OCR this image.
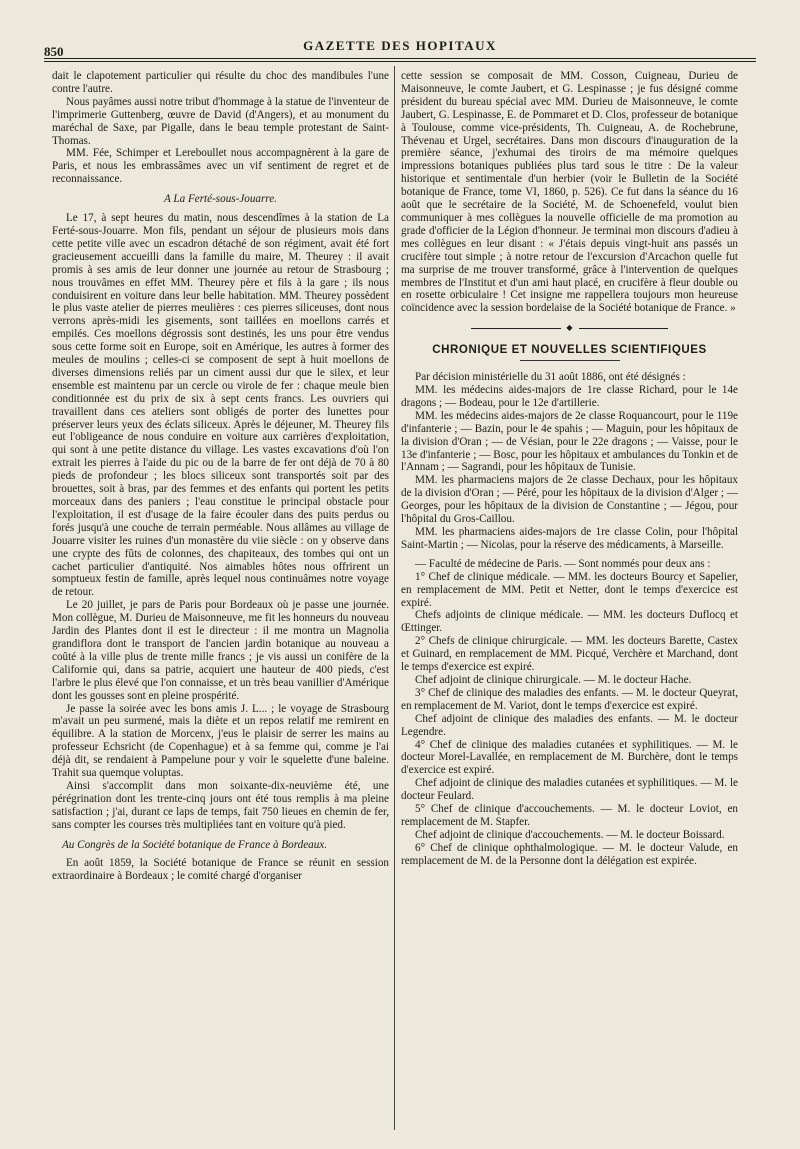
850	GAZETTE DES HOPITAUX

dait le clapotement particulier qui résulte du choc des mandibules l'une contre l'autre.

Nous payâmes aussi notre tribut d'hommage à la statue de l'inventeur de l'imprimerie Guttenberg, œuvre de David (d'Angers), et au monument du maréchal de Saxe, par Pigalle, dans le beau temple protestant de Saint-Thomas.

MM. Fée, Schimper et Lereboullet nous accompagnèrent à la gare de Paris, et nous les embrassâmes avec un vif sentiment de regret et de reconnaissance.

A La Ferté-sous-Jouarre.

Le 17, à sept heures du matin, nous descendîmes à la station de La Ferté-sous-Jouarre. Mon fils, pendant un séjour de plusieurs mois dans cette petite ville avec un escadron détaché de son régiment, avait été fort gracieusement accueilli dans la famille du maire, M. Theurey : il avait promis à ses amis de leur donner une journée au retour de Strasbourg ; nous trouvâmes en effet MM. Theurey père et fils à la gare ; ils nous conduisirent en voiture dans leur belle habitation. MM. Theurey possèdent le plus vaste atelier de pierres meulières : ces pierres siliceuses, dont nous verrons après-midi les gisements, sont taillées en moellons carrés et empilés. Ces moellons dégrossis sont destinés, les uns pour être vendus sous cette forme soit en Europe, soit en Amérique, les autres à former des meules de moulins ; celles-ci se composent de sept à huit moellons de diverses dimensions reliés par un ciment aussi dur que le silex, et leur ensemble est maintenu par un cercle ou virole de fer : chaque meule bien conditionnée est du prix de six à sept cents francs. Les ouvriers qui travaillent dans ces ateliers sont obligés de porter des lunettes pour préserver leurs yeux des éclats siliceux. Après le déjeuner, M. Theurey fils eut l'obligeance de nous conduire en voiture aux carrières d'exploitation, qui sont à une petite distance du village. Les vastes excavations d'où l'on extrait les pierres à l'aide du pic ou de la barre de fer ont déjà de 70 à 80 pieds de profondeur ; les blocs siliceux sont transportés soit par des brouettes, soit à bras, par des femmes et des enfants qui portent les petits morceaux dans des paniers ; l'eau constitue le principal obstacle pour l'exploitation, il est d'usage de la faire écouler dans des puits perdus ou forés jusqu'à une couche de terrain perméable. Nous allâmes au village de Jouarre visiter les ruines d'un monastère du viie siècle : on y observe dans une crypte des fûts de colonnes, des chapiteaux, des tombes qui ont un cachet particulier d'antiquité. Nos aimables hôtes nous offrirent un somptueux festin de famille, après lequel nous continuâmes notre voyage de retour.

Le 20 juillet, je pars de Paris pour Bordeaux où je passe une journée. Mon collègue, M. Durieu de Maisonneuve, me fit les honneurs du nouveau Jardin des Plantes dont il est le directeur : il me montra un Magnolia grandiflora dont le transport de l'ancien jardin botanique au nouveau a coûté à la ville plus de trente mille francs ; je vis aussi un conifère de la Californie qui, dans sa patrie, acquiert une hauteur de 400 pieds, c'est l'arbre le plus élevé que l'on connaisse, et un très beau vanillier d'Amérique dont les gousses sont en pleine prospérité.

Je passe la soirée avec les bons amis J. L... ; le voyage de Strasbourg m'avait un peu surmené, mais la diète et un repos relatif me remirent en équilibre. A la station de Morcenx, j'eus le plaisir de serrer les mains au professeur Echsricht (de Copenhague) et à sa femme qui, comme je l'ai déjà dit, se rendaient à Pampelune pour y voir le squelette d'une baleine. Trahit sua quemque voluptas.

Ainsi s'accomplit dans mon soixante-dix-neuvième été, une pérégrination dont les trente-cinq jours ont été tous remplis à ma pleine satisfaction ; j'ai, durant ce laps de temps, fait 750 lieues en chemin de fer, sans compter les courses très multipliées tant en voiture qu'à pied.

Au Congrès de la Société botanique de France à Bordeaux.

En août 1859, la Société botanique de France se réunit en session extraordinaire à Bordeaux ; le comité chargé d'organiser

cette session se composait de MM. Cosson, Cuigneau, Durieu de Maisonneuve, le comte Jaubert, et G. Lespinasse ; je fus désigné comme président du bureau spécial avec MM. Durieu de Maisonneuve, le comte Jaubert, G. Lespinasse, E. de Pommaret et D. Clos, professeur de botanique à Toulouse, comme vice-présidents, Th. Cuigneau, A. de Rochebrune, Thévenau et Urgel, secrétaires. Dans mon discours d'inauguration de la première séance, j'exhumai des tiroirs de ma mémoire quelques impressions botaniques publiées plus tard sous le titre : De la valeur historique et sentimentale d'un herbier (voir le Bulletin de la Société botanique de France, tome VI, 1860, p. 526). Ce fut dans la séance du 16 août que le secrétaire de la Société, M. de Schoenefeld, voulut bien communiquer à mes collègues la nouvelle officielle de ma promotion au grade d'officier de la Légion d'honneur. Je terminai mon discours d'adieu à mes collègues en leur disant : « J'étais depuis vingt-huit ans passés un crucifère tout simple ; à notre retour de l'excursion d'Arcachon quelle fut ma surprise de me trouver transformé, grâce à l'intervention de quelques membres de l'Institut et d'un ami haut placé, en crucifère à fleur double ou en rosette orbiculaire ! Cet insigne me rappellera toujours mon heureuse coïncidence avec la session bordelaise de la Société botanique de France. »

◆
CHRONIQUE ET NOUVELLES SCIENTIFIQUES

Par décision ministérielle du 31 août 1886, ont été désignés :

MM. les médecins aides-majors de 1re classe Richard, pour le 14e dragons ; — Bodeau, pour le 12e d'artillerie.

MM. les médecins aides-majors de 2e classe Roquancourt, pour le 119e d'infanterie ; — Bazin, pour le 4e spahis ; — Maguin, pour les hôpitaux de la division d'Oran ; — de Vésian, pour le 22e dragons ; — Vaisse, pour le 13e d'infanterie ; — Bosc, pour les hôpitaux et ambulances du Tonkin et de l'Annam ; — Sagrandi, pour les hôpitaux de Tunisie.

MM. les pharmaciens majors de 2e classe Dechaux, pour les hôpitaux de la division d'Oran ; — Péré, pour les hôpitaux de la division d'Alger ; — Georges, pour les hôpitaux de la division de Constantine ; — Jégou, pour l'hôpital du Gros-Caillou.

MM. les pharmaciens aides-majors de 1re classe Colin, pour l'hôpital Saint-Martin ; — Nicolas, pour la réserve des médicaments, à Marseille.

— Faculté de médecine de Paris. — Sont nommés pour deux ans :

1° Chef de clinique médicale. — MM. les docteurs Bourcy et Sapelier, en remplacement de MM. Petit et Netter, dont le temps d'exercice est expiré.

Chefs adjoints de clinique médicale. — MM. les docteurs Duflocq et Œttinger.

2° Chefs de clinique chirurgicale. — MM. les docteurs Barette, Castex et Guinard, en remplacement de MM. Picqué, Verchère et Marchand, dont le temps d'exercice est expiré.

Chef adjoint de clinique chirurgicale. — M. le docteur Hache.

3° Chef de clinique des maladies des enfants. — M. le docteur Queyrat, en remplacement de M. Variot, dont le temps d'exercice est expiré.

Chef adjoint de clinique des maladies des enfants. — M. le docteur Legendre.

4° Chef de clinique des maladies cutanées et syphilitiques. — M. le docteur Morel-Lavallée, en remplacement de M. Burchère, dont le temps d'exercice est expiré.

Chef adjoint de clinique des maladies cutanées et syphilitiques. — M. le docteur Feulard.

5° Chef de clinique d'accouchements. — M. le docteur Loviot, en remplacement de M. Stapfer.

Chef adjoint de clinique d'accouchements. — M. le docteur Boissard.

6° Chef de clinique ophthalmologique. — M. le docteur Valude, en remplacement de M. de la Personne dont la délégation est expirée.
